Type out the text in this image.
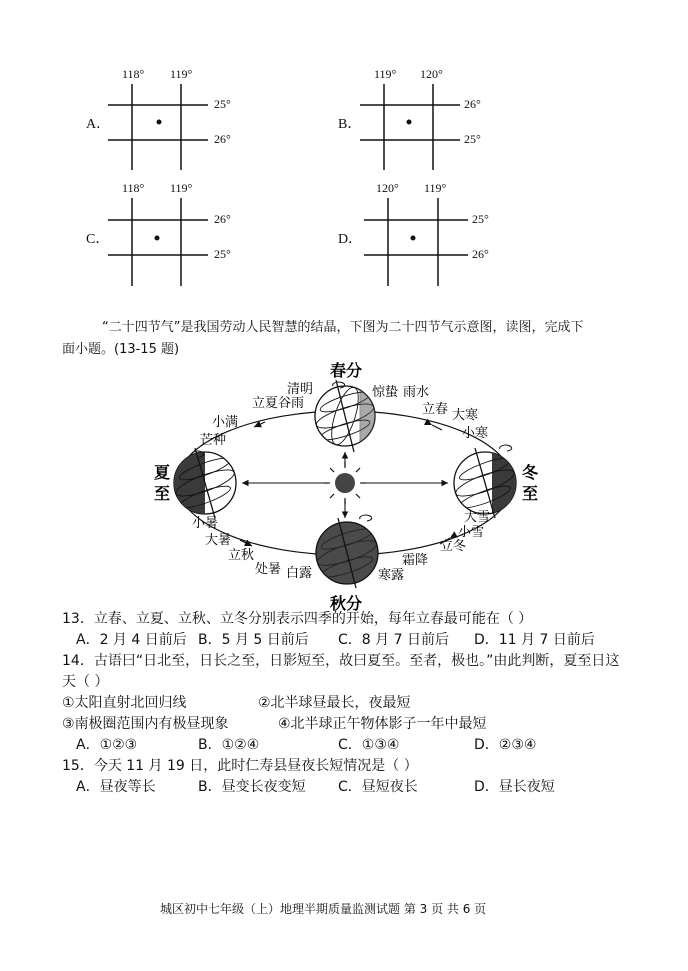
A．
118° 119°
25°
26°
B．
119° 120°
26°
25°
C．
118° 119°
26°
25°
D．
120° 119°
25°
26°
“二十四节气”是我国劳动人民智慧的结晶，下图为二十四节气示意图，读图，完成下
面小题。(13-15 题)
春分
夏
至
冬
至
秋分
清明	惊蛰 雨水
立夏 谷雨	立春 大寒
小寒
小满
芒种
小暑
大暑
立秋
处暑 白露	寒露
霜降
立冬
小雪
大雪
13．立春、立夏、立秋、立冬分别表示四季的开始，每年立春最可能在（ ）
A．2 月 4 日前后 B．5 月 5 日前后 C．8 月 7 日前后 D．11 月 7 日前后
14．古语曰“日北至，日长之至，日影短至，故曰夏至。至者，极也。”由此判断，夏至日这
天（ ）
①太阳直射北回归线	②北半球昼最长，夜最短
③南极圈范围内有极昼现象	④北半球正午物体影子一年中最短
A．①②③	B．①②④	C．①③④	D．②③④
15．今天 11 月 19 日，此时仁寿县昼夜长短情况是（ ）
A．昼夜等长	B．昼变长夜变短 C．昼短夜长	D．昼长夜短
城区初中七年级（上）地理半期质量监测试题 第 3 页 共 6 页
